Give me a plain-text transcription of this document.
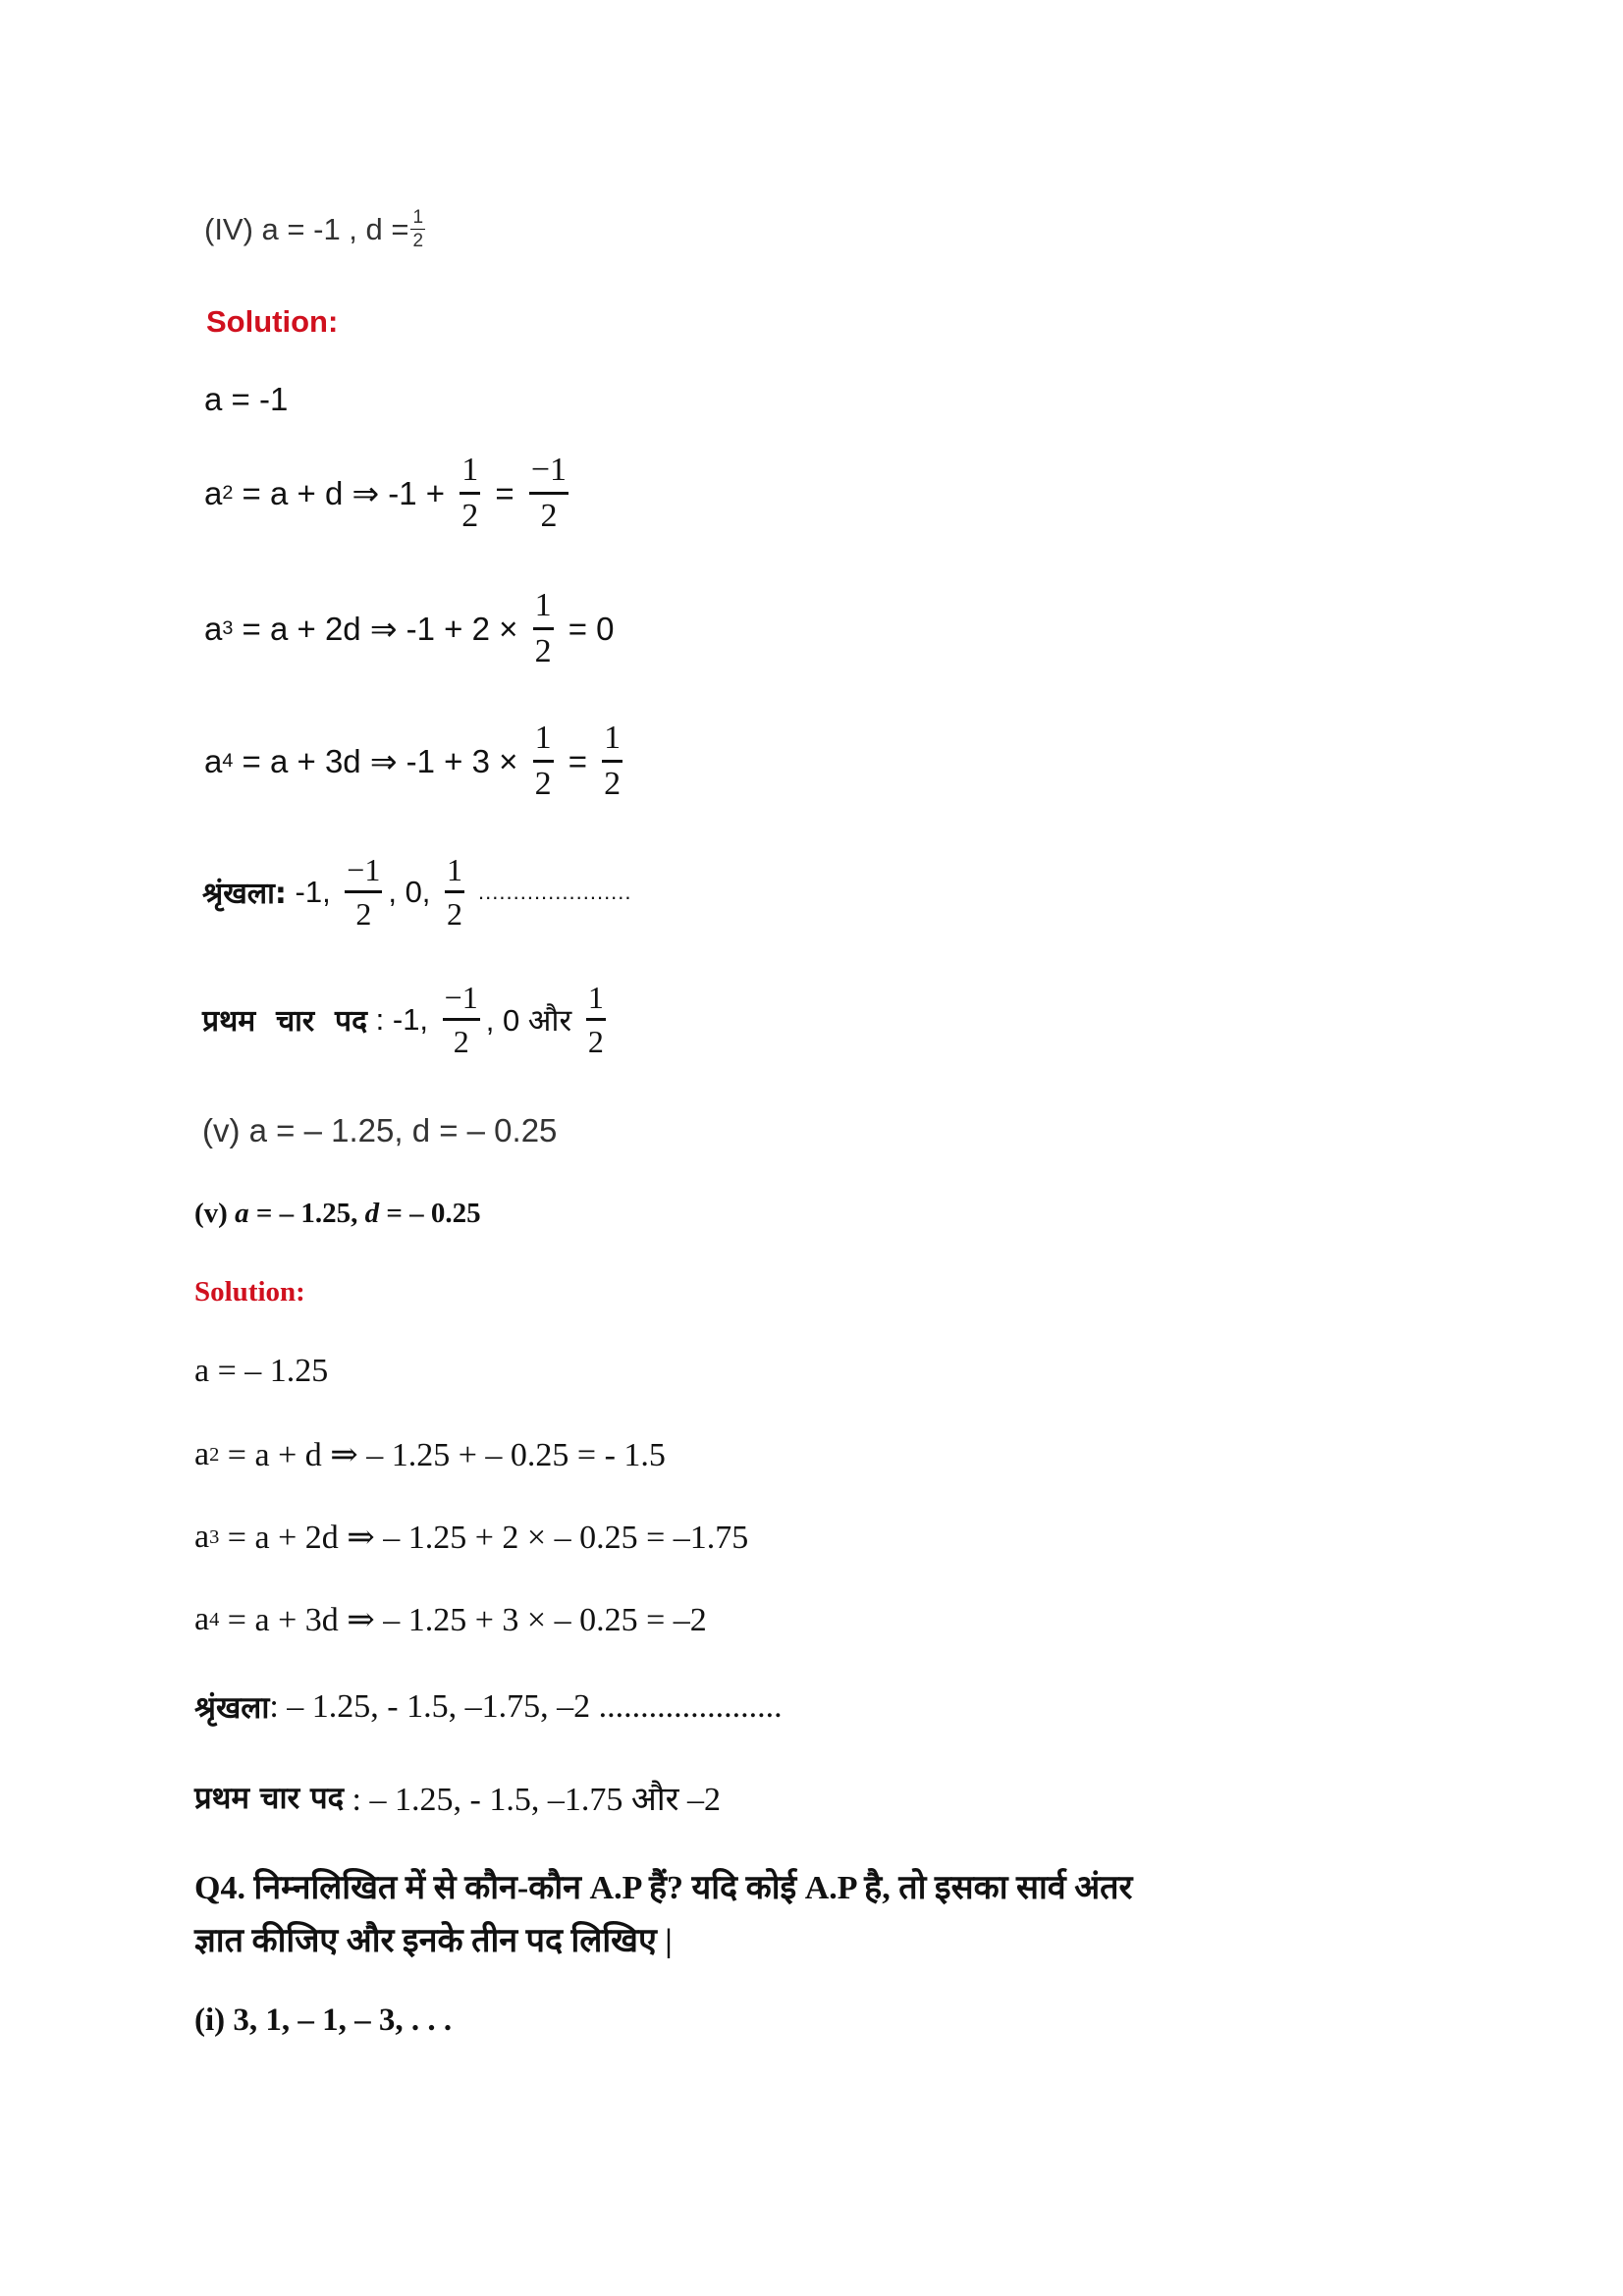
(IV) a = -1 , $d = \frac{1}{2}$
Solution:
a = -1
a 2 = a + d ⇒ $-1 + \frac{1}{2} = \frac{-1}{2}$
a 3 = a + 2d ⇒ $-1 + 2 \times \frac{1}{2} = 0$
a 4 = a + 3d ⇒ $-1 + 3 \times \frac{1}{2} = \frac{1}{2}$
श्रृंखला: -1, $\frac{-1}{2}$ , 0, $\frac{1}{2}$ ......................
प्रथम  चार  पद : -1, $\frac{-1}{2}$ , 0 और $\frac{1}{2}$
(v) a = – 1.25, d = – 0.25
(v) a = – 1.25, d = – 0.25
Solution:
a = – 1.25
a 2 = a + d ⇒ – 1.25 + – 0.25 = - 1.5
a 3 = a + 2d ⇒ – 1.25 + 2 × – 0.25 = –1.75
a 4 = a + 3d ⇒ – 1.25 + 3 × – 0.25 = –2
श्रृंखला : – 1.25, - 1.5, –1.75, –2 ......................
प्रथम चार पद : – 1.25, - 1.5, –1.75 और –2
Q4. निम्नलिखित में से कौन-कौन A.P हैं? यदि कोई A.P है, तो इसका सार्व अंतर
ज्ञात कीजिए और इनके तीन पद लिखिए |
(i) 3, 1, – 1, – 3, . . .
